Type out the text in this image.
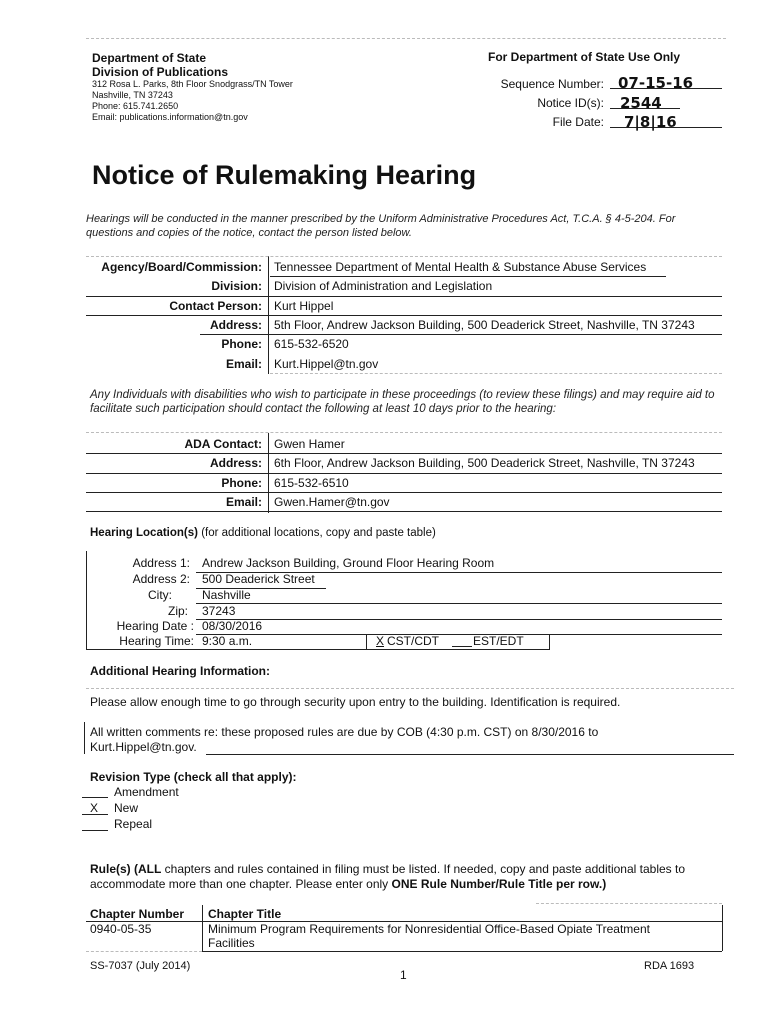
Department of State
Division of Publications
312 Rosa L. Parks, 8th Floor Snodgrass/TN Tower
Nashville, TN 37243
Phone: 615.741.2650
Email: publications.information@tn.gov
For Department of State Use Only
Sequence Number: 07-15-16
Notice ID(s): 2544
File Date: 7|8|16
Notice of Rulemaking Hearing
Hearings will be conducted in the manner prescribed by the Uniform Administrative Procedures Act, T.C.A. § 4-5-204. For questions and copies of the notice, contact the person listed below.
Agency/Board/Commission: Tennessee Department of Mental Health & Substance Abuse Services
Division: Division of Administration and Legislation
Contact Person: Kurt Hippel
Address: 5th Floor, Andrew Jackson Building, 500 Deaderick Street, Nashville, TN 37243
Phone: 615-532-6520
Email: Kurt.Hippel@tn.gov
Any Individuals with disabilities who wish to participate in these proceedings (to review these filings) and may require aid to facilitate such participation should contact the following at least 10 days prior to the hearing:
ADA Contact: Gwen Hamer
Address: 6th Floor, Andrew Jackson Building, 500 Deaderick Street, Nashville, TN 37243
Phone: 615-532-6510
Email: Gwen.Hamer@tn.gov
Hearing Location(s) (for additional locations, copy and paste table)
Address 1: Andrew Jackson Building, Ground Floor Hearing Room
Address 2: 500 Deaderick Street
City:	Nashville
Zip: 37243
Hearing Date : 08/30/2016
Hearing Time: 9:30 a.m.	X CST/CDT	EST/EDT
Additional Hearing Information:
Please allow enough time to go through security upon entry to the building. Identification is required.
All written comments re: these proposed rules are due by COB (4:30 p.m. CST) on 8/30/2016 to
Kurt.Hippel@tn.gov.
Revision Type (check all that apply):
Amendment
X New
Repeal
Rule(s) (ALL chapters and rules contained in filing must be listed. If needed, copy and paste additional tables to accommodate more than one chapter. Please enter only ONE Rule Number/Rule Title per row.)
Chapter Number Chapter Title
0940-05-35	Minimum Program Requirements for Nonresidential Office-Based Opiate Treatment
Facilities
SS-7037 (July 2014)
1
RDA 1693
